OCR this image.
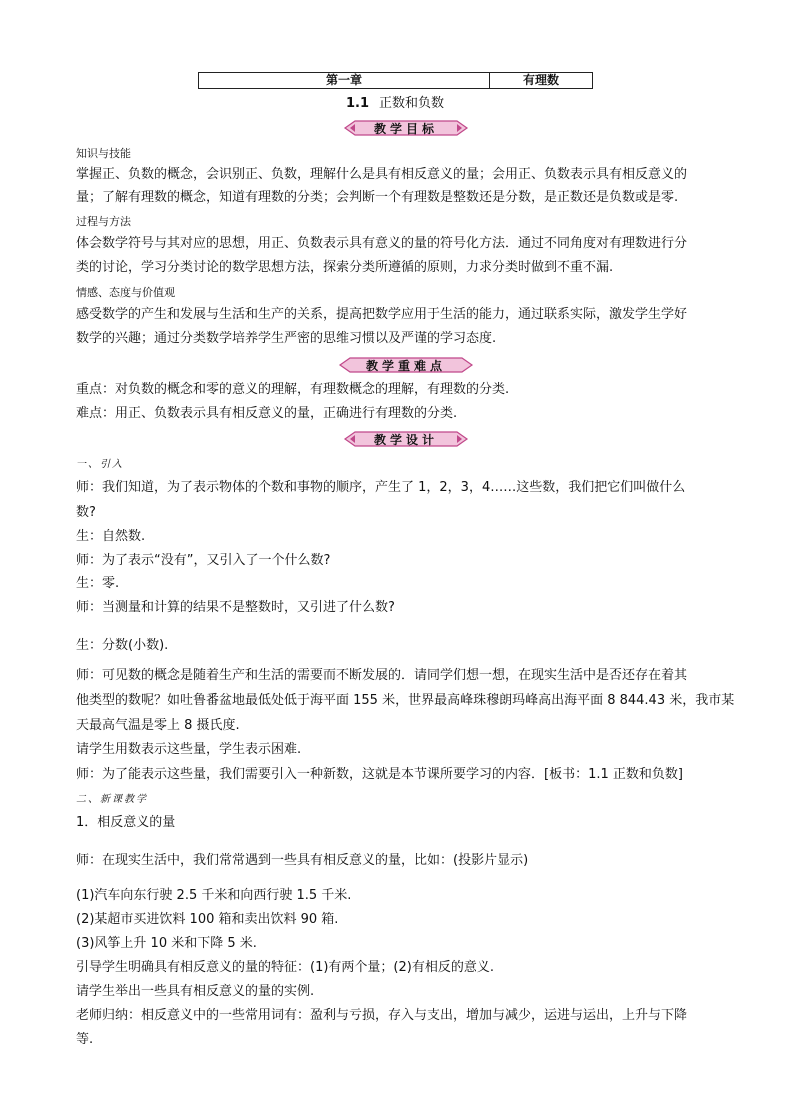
第一章	有理数
1.1 正数和负数
教学目标
知识与技能
掌握正、负数的概念，会识别正、负数，理解什么是具有相反意义的量；会用正、负数表示具有相反意义的
量；了解有理数的概念，知道有理数的分类；会判断一个有理数是整数还是分数，是正数还是负数或是零.
过程与方法
体会数学符号与其对应的思想，用正、负数表示具有意义的量的符号化方法．通过不同角度对有理数进行分
类的讨论，学习分类讨论的数学思想方法，探索分类所遵循的原则，力求分类时做到不重不漏.
情感、态度与价值观
感受数学的产生和发展与生活和生产的关系，提高把数学应用于生活的能力，通过联系实际，激发学生学好
数学的兴趣；通过分类数学培养学生严密的思维习惯以及严谨的学习态度.
教学重难点
重点：对负数的概念和零的意义的理解，有理数概念的理解，有理数的分类.
难点：用正、负数表示具有相反意义的量，正确进行有理数的分类.
教学设计
一、引入
师：我们知道，为了表示物体的个数和事物的顺序，产生了 1，2，3，4……这些数，我们把它们叫做什么
数?
生：自然数.
师：为了表示“没有”，又引入了一个什么数?
生：零.
师：当测量和计算的结果不是整数时，又引进了什么数?
生：分数(小数).
师：可见数的概念是随着生产和生活的需要而不断发展的．请同学们想一想，在现实生活中是否还存在着其
他类型的数呢？如吐鲁番盆地最低处低于海平面 155 米，世界最高峰珠穆朗玛峰高出海平面 8 844.43 米，我市某
天最高气温是零上 8 摄氏度.
请学生用数表示这些量，学生表示困难.
师：为了能表示这些量，我们需要引入一种新数，这就是本节课所要学习的内容．[板书：1.1 正数和负数]
二、新课教学
1．相反意义的量
师：在现实生活中，我们常常遇到一些具有相反意义的量，比如：(投影片显示)
(1)汽车向东行驶 2.5 千米和向西行驶 1.5 千米.
(2)某超市买进饮料 100 箱和卖出饮料 90 箱.
(3)风筝上升 10 米和下降 5 米.
引导学生明确具有相反意义的量的特征：(1)有两个量；(2)有相反的意义.
请学生举出一些具有相反意义的量的实例.
老师归纳：相反意义中的一些常用词有：盈利与亏损，存入与支出，增加与减少，运进与运出，上升与下降
等.
